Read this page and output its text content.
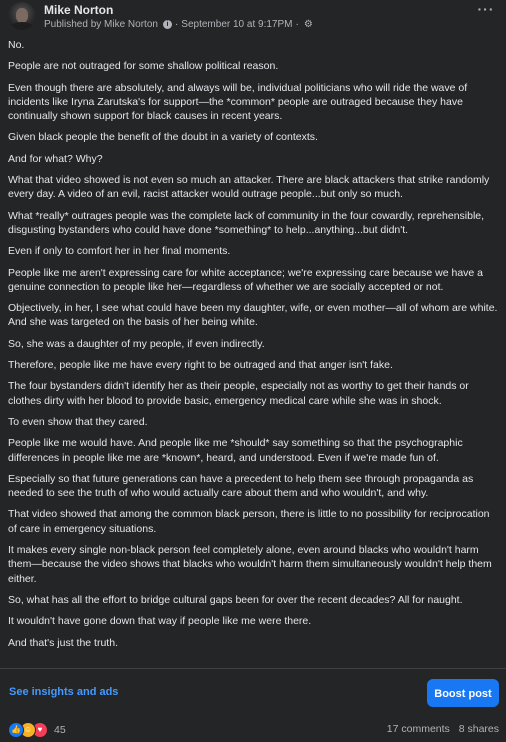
Mike Norton
Published by Mike Norton	i · September 10 at 9:17PM · ⚙
···

No.

People are not outraged for some shallow political reason.

Even though there are absolutely, and always will be, individual politicians who will ride the wave of incidents like Iryna Zarutska's for support—the *common* people are outraged because they have continually shown support for black causes in recent years.

Given black people the benefit of the doubt in a variety of contexts.

And for what? Why?

What that video showed is not even so much an attacker. There are black attackers that strike randomly every day. A video of an evil, racist attacker would outrage people...but only so much.

What *really* outrages people was the complete lack of community in the four cowardly, reprehensible, disgusting bystanders who could have done *something* to help...anything...but didn't.

Even if only to comfort her in her final moments.

People like me aren't expressing care for white acceptance; we're expressing care because we have a genuine connection to people like her—regardless of whether we are socially accepted or not.

Objectively, in her, I see what could have been my daughter, wife, or even mother—all of whom are white. And she was targeted on the basis of her being white.

So, she was a daughter of my people, if even indirectly.

Therefore, people like me have every right to be outraged and that anger isn't fake.

The four bystanders didn't identify her as their people, especially not as worthy to get their hands or clothes dirty with her blood to provide basic, emergency medical care while she was in shock.

To even show that they cared.

People like me would have. And people like me *should* say something so that the psychographic differences in people like me are *known*, heard, and understood. Even if we're made fun of.

Especially so that future generations can have a precedent to help them see through propaganda as needed to see the truth of who would actually care about them and who wouldn't, and why.

That video showed that among the common black person, there is little to no possibility for reciprocation of care in emergency situations.

It makes every single non-black person feel completely alone, even around blacks who wouldn't harm them—because the video shows that blacks who wouldn't harm them simultaneously wouldn't help them either.

So, what has all the effort to bridge cultural gaps been for over the recent decades? All for naught.

It wouldn't have gone down that way if people like me were there.

And that's just the truth.

See insights and ads	Boost post
👍 ☺ ♥	45	17 comments 8 shares
